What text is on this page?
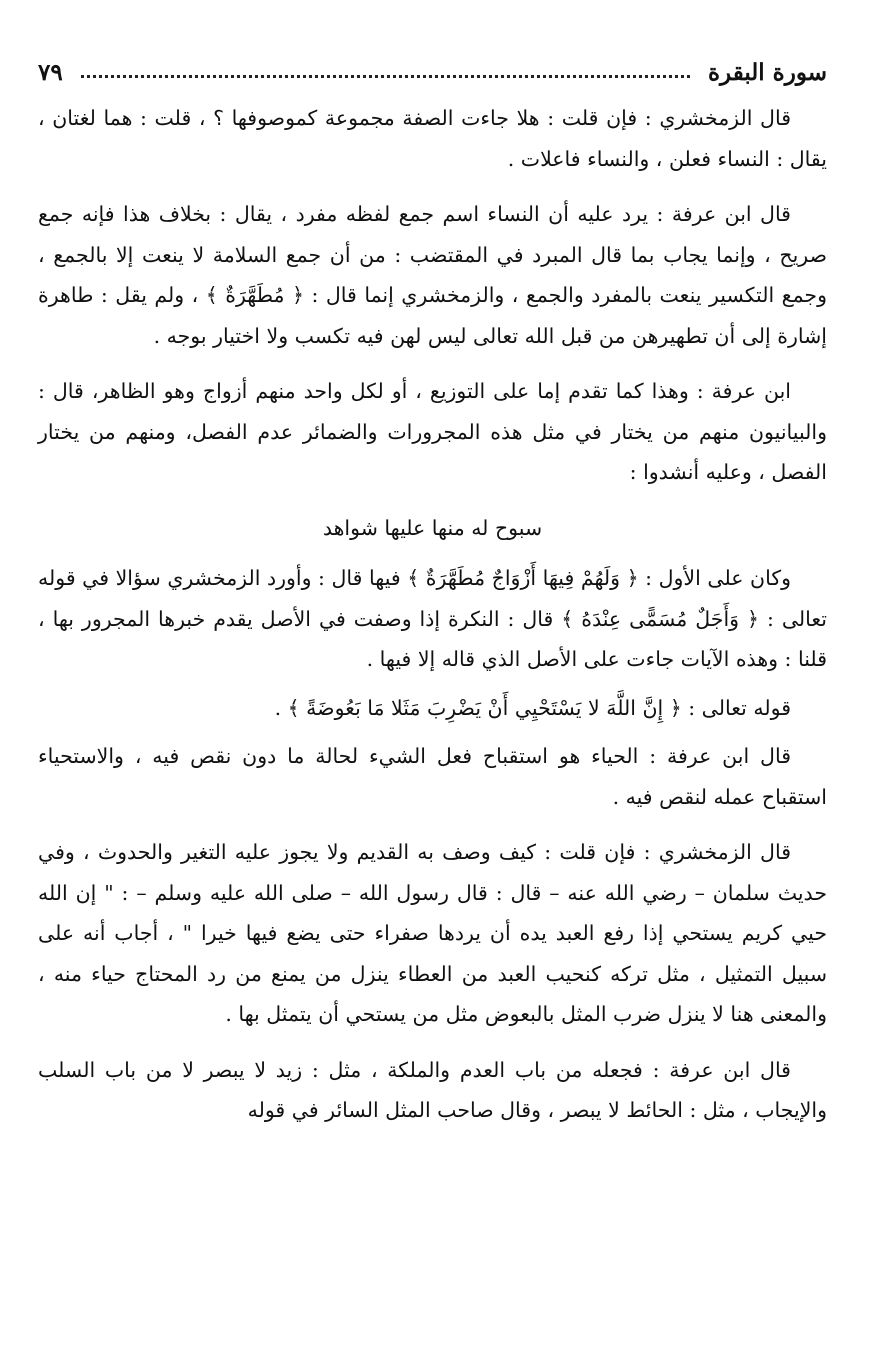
سورة البقرة
٧٩

قال الزمخشري : فإن قلت : هلا جاءت الصفة مجموعة كموصوفها ؟ ، قلت : هما لغتان ، يقال : النساء فعلن ، والنساء فاعلات .

قال ابن عرفة : يرد عليه أن النساء اسم جمع لفظه مفرد ، يقال : بخلاف هذا فإنه جمع صريح ، وإنما يجاب بما قال المبرد في المقتضب : من أن جمع السلامة لا ينعت إلا بالجمع ، وجمع التكسير ينعت بالمفرد والجمع ، والزمخشري إنما قال : ﴿ مُطَهَّرَةٌ ﴾ ، ولم يقل : طاهرة إشارة إلى أن تطهيرهن من قبل الله تعالى ليس لهن فيه تكسب ولا اختيار بوجه .

ابن عرفة : وهذا كما تقدم إما على التوزيع ، أو لكل واحد منهم أزواج وهو الظاهر، قال : والبيانيون منهم من يختار في مثل هذه المجرورات والضمائر عدم الفصل، ومنهم من يختار الفصل ، وعليه أنشدوا :

سبوح له منها عليها شواهد

وكان على الأول : ﴿ وَلَهُمْ فِيهَا أَزْوَاجٌ مُطَهَّرَةٌ ﴾ فيها قال : وأورد الزمخشري سؤالا في قوله تعالى : ﴿ وَأَجَلٌ مُسَمًّى عِنْدَهُ ﴾ قال : النكرة إذا وصفت في الأصل يقدم خبرها المجرور بها ، قلنا : وهذه الآيات جاءت على الأصل الذي قاله إلا فيها .

قوله تعالى : ﴿ إِنَّ اللَّهَ لا يَسْتَحْيِي أَنْ يَضْرِبَ مَثَلا مَا بَعُوضَةً ﴾ .

قال ابن عرفة : الحياء هو استقباح فعل الشيء لحالة ما دون نقص فيه ، والاستحياء استقباح عمله لنقص فيه .

قال الزمخشري : فإن قلت : كيف وصف به القديم ولا يجوز عليه التغير والحدوث ، وفي حديث سلمان – رضي الله عنه – قال : قال رسول الله – صلى الله عليه وسلم – : " إن الله حيي كريم يستحي إذا رفع العبد يده أن يردها صفراء حتى يضع فيها خيرا " ، أجاب أنه على سبيل التمثيل ، مثل تركه كنحيب العبد من العطاء ينزل من يمنع من رد المحتاج حياء منه ، والمعنى هنا لا ينزل ضرب المثل بالبعوض مثل من يستحي أن يتمثل بها .

قال ابن عرفة : فجعله من باب العدم والملكة ، مثل : زيد لا يبصر لا من باب السلب والإيجاب ، مثل : الحائط لا يبصر ، وقال صاحب المثل السائر في قوله
